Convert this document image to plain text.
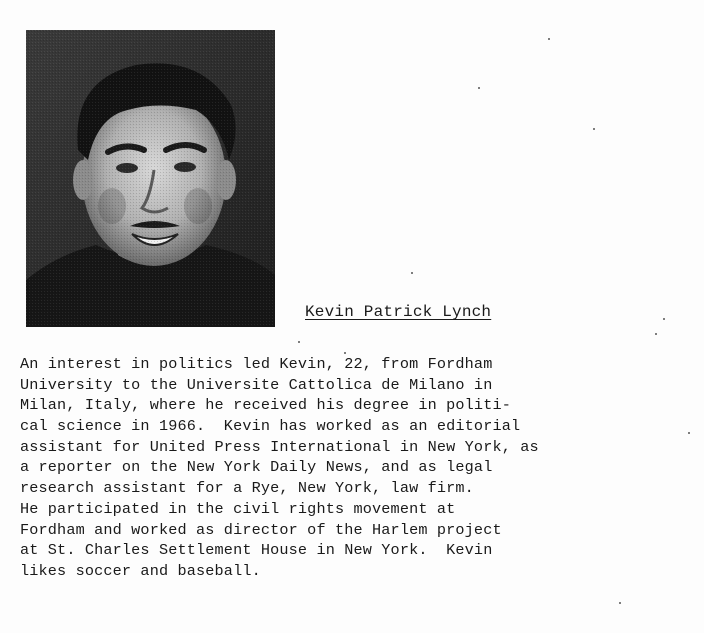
Kevin Patrick Lynch
An interest in politics led Kevin, 22, from Fordham
University to the Universite Cattolica de Milano in
Milan, Italy, where he received his degree in politi-
cal science in 1966.  Kevin has worked as an editorial
assistant for United Press International in New York, as
a reporter on the New York Daily News, and as legal
research assistant for a Rye, New York, law firm.
He participated in the civil rights movement at
Fordham and worked as director of the Harlem project
at St. Charles Settlement House in New York.  Kevin
likes soccer and baseball.
